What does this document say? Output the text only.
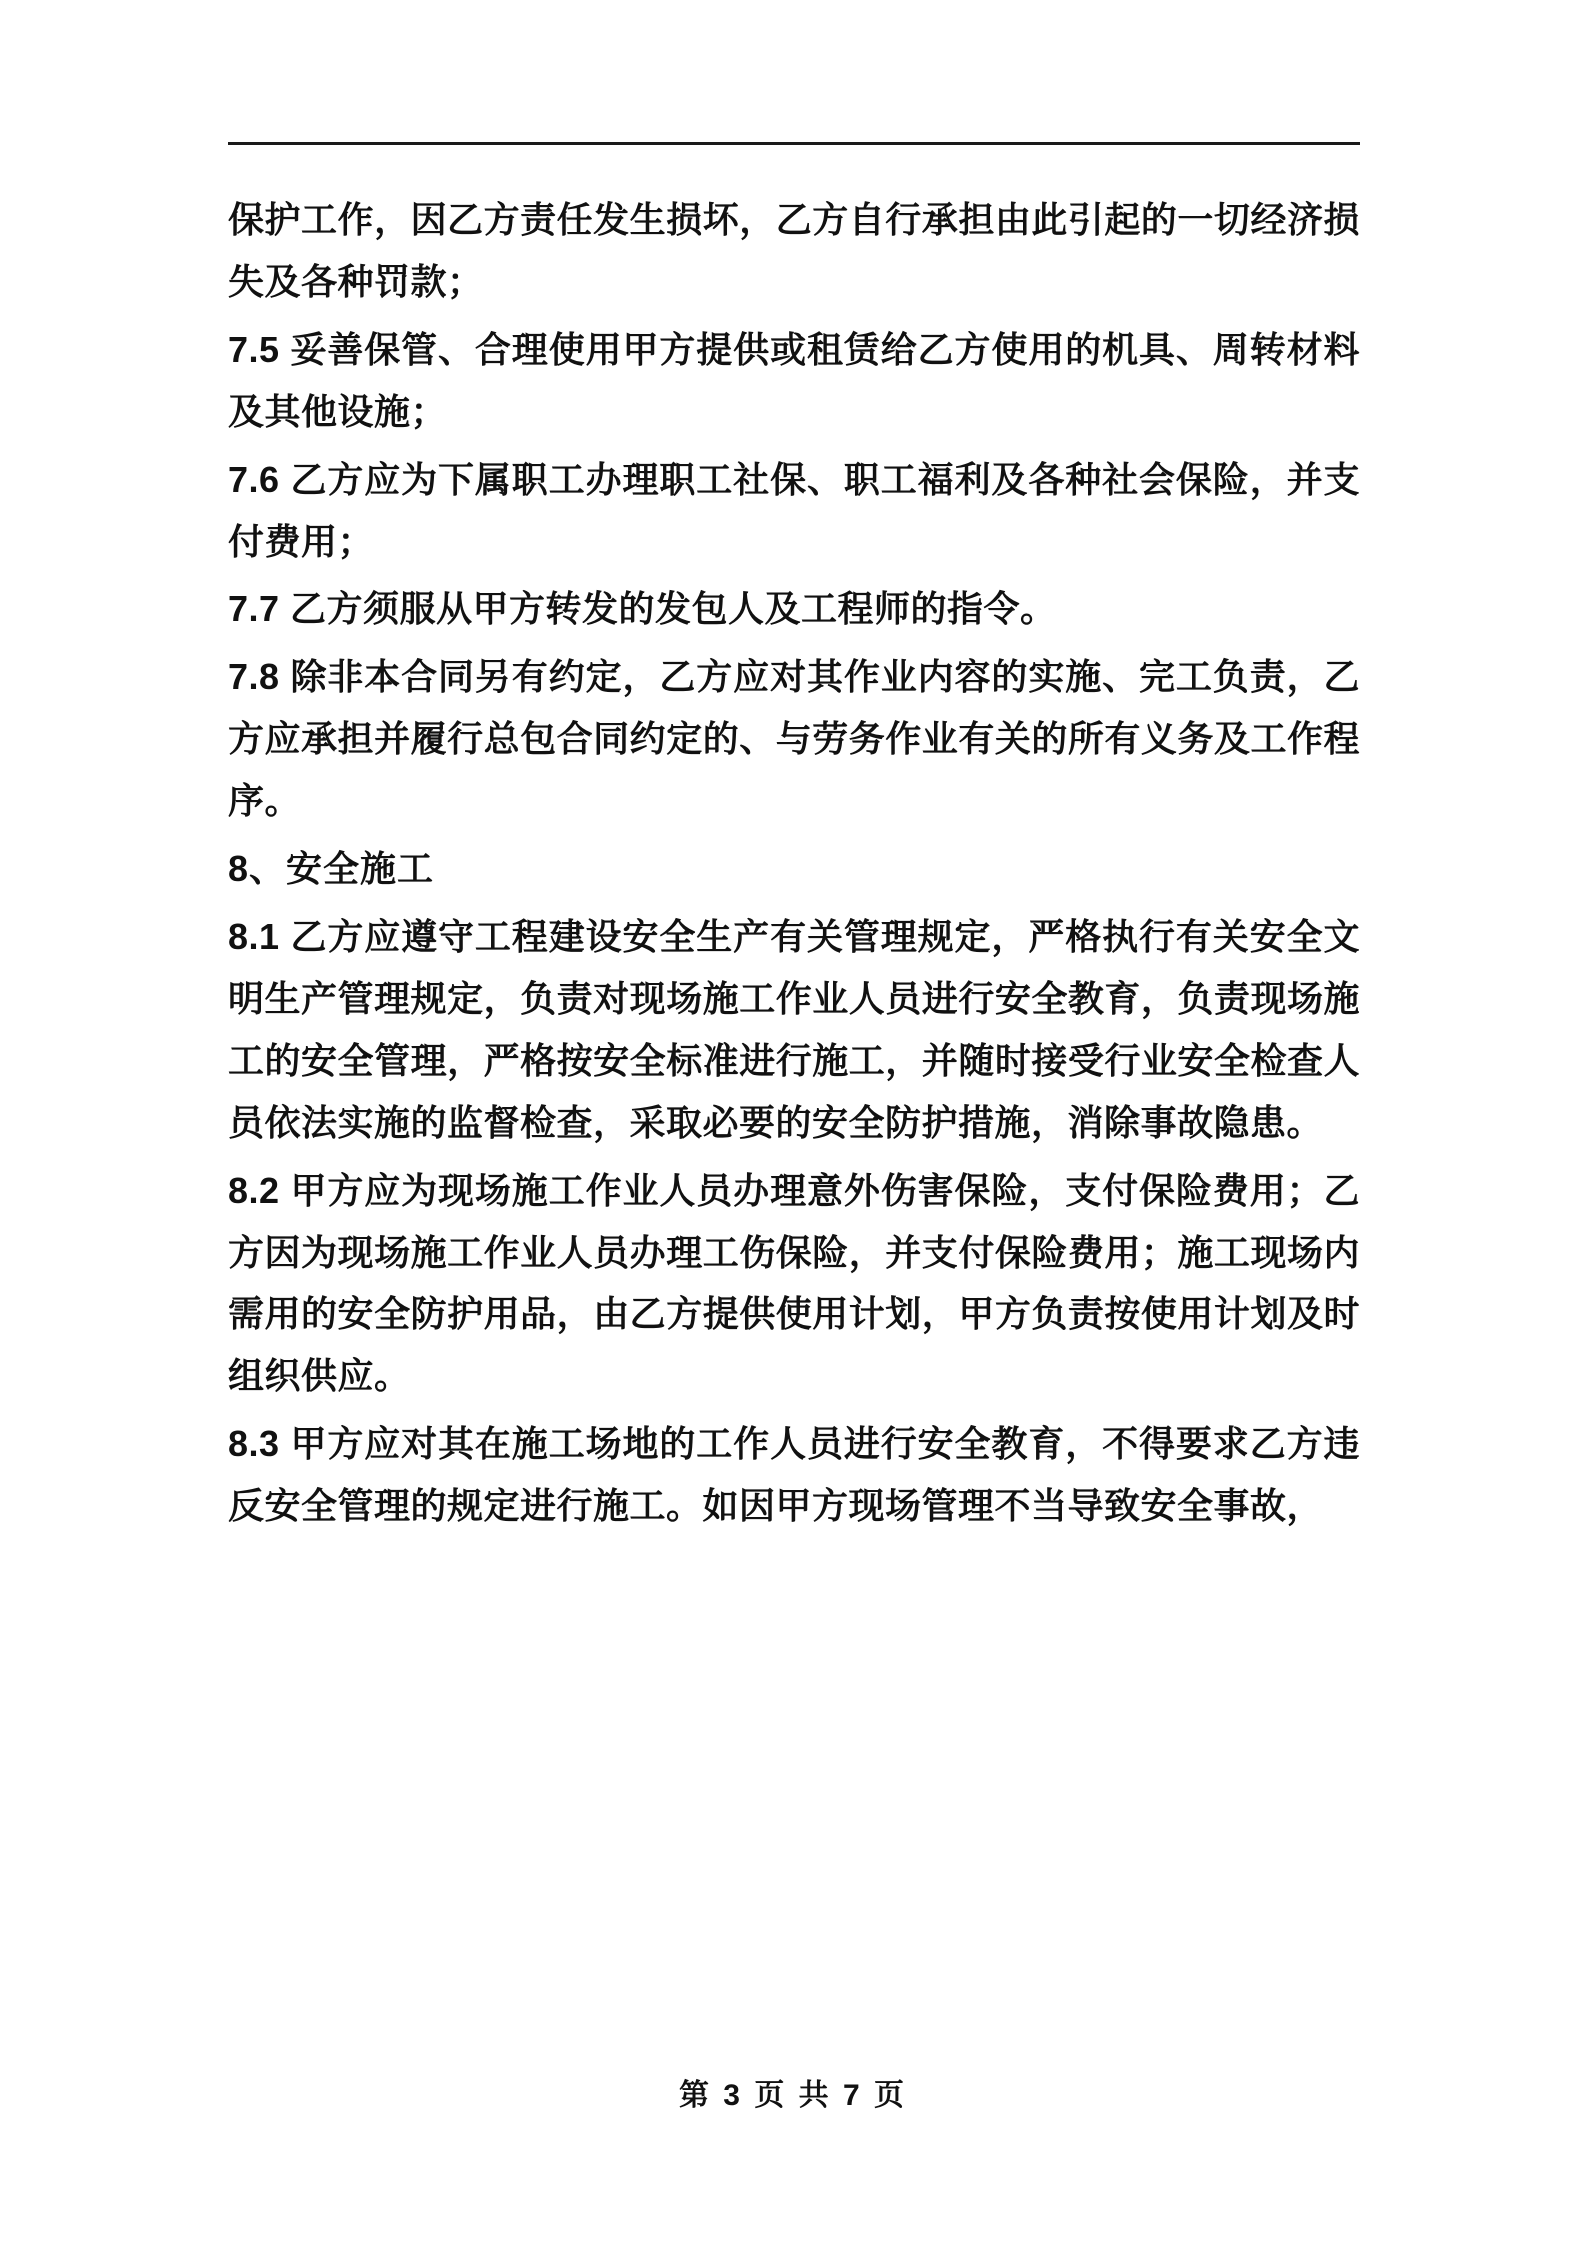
保护工作，因乙方责任发生损坏，乙方自行承担由此引起的一切经济损失及各种罚款；

7.5 妥善保管、合理使用甲方提供或租赁给乙方使用的机具、周转材料及其他设施；

7.6 乙方应为下属职工办理职工社保、职工福利及各种社会保险，并支付费用；

7.7 乙方须服从甲方转发的发包人及工程师的指令。

7.8 除非本合同另有约定，乙方应对其作业内容的实施、完工负责，乙方应承担并履行总包合同约定的、与劳务作业有关的所有义务及工作程序。

8、安全施工

8.1 乙方应遵守工程建设安全生产有关管理规定，严格执行有关安全文明生产管理规定，负责对现场施工作业人员进行安全教育，负责现场施工的安全管理，严格按安全标准进行施工，并随时接受行业安全检查人员依法实施的监督检查，采取必要的安全防护措施，消除事故隐患。

8.2 甲方应为现场施工作业人员办理意外伤害保险，支付保险费用；乙方因为现场施工作业人员办理工伤保险，并支付保险费用；施工现场内需用的安全防护用品，由乙方提供使用计划，甲方负责按使用计划及时组织供应。

8.3 甲方应对其在施工场地的工作人员进行安全教育，不得要求乙方违反安全管理的规定进行施工。如因甲方现场管理不当导致安全事故，

第 3 页 共 7 页
